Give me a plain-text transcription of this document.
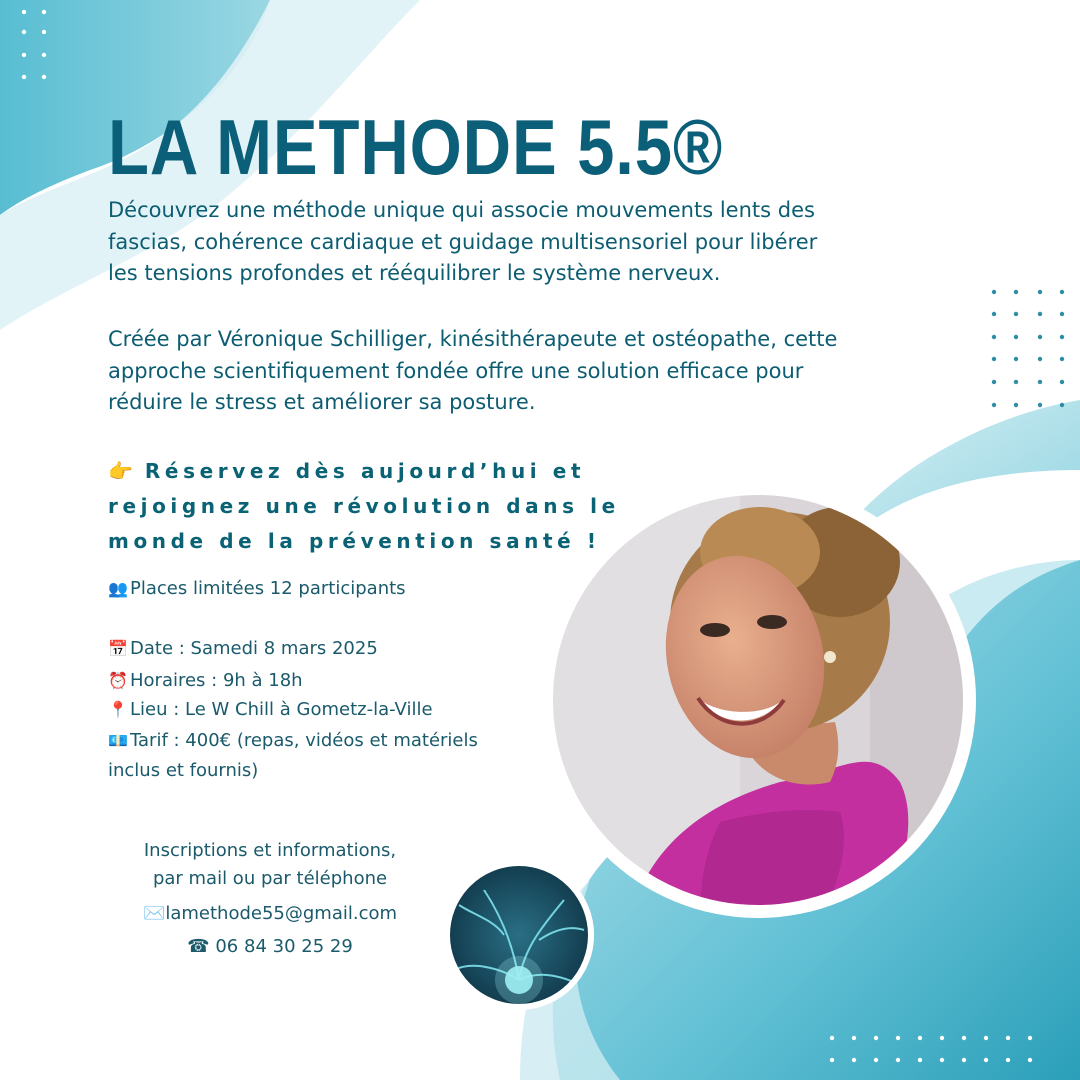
LA METHODE 5.5®

Découvrez une méthode unique qui associe mouvements lents des
fascias, cohérence cardiaque et guidage multisensoriel pour libérer
les tensions profondes et rééquilibrer le système nerveux.

Créée par Véronique Schilliger, kinésithérapeute et ostéopathe, cette
approche scientifiquement fondée offre une solution efficace pour
réduire le stress et améliorer sa posture.

👉 Réservez dès aujourd’hui et
rejoignez une révolution dans le
monde de la prévention santé !

👥 Places limitées 12 participants

📅 Date : Samedi 8 mars 2025

⏰ Horaires : 9h à 18h

📍 Lieu : Le W Chill à Gometz-la-Ville

💶 Tarif : 400€ (repas, vidéos et matériels
inclus et fournis)

Inscriptions et informations,

par mail ou par téléphone

✉️lamethode55@gmail.com

☎ 06 84 30 25 29
